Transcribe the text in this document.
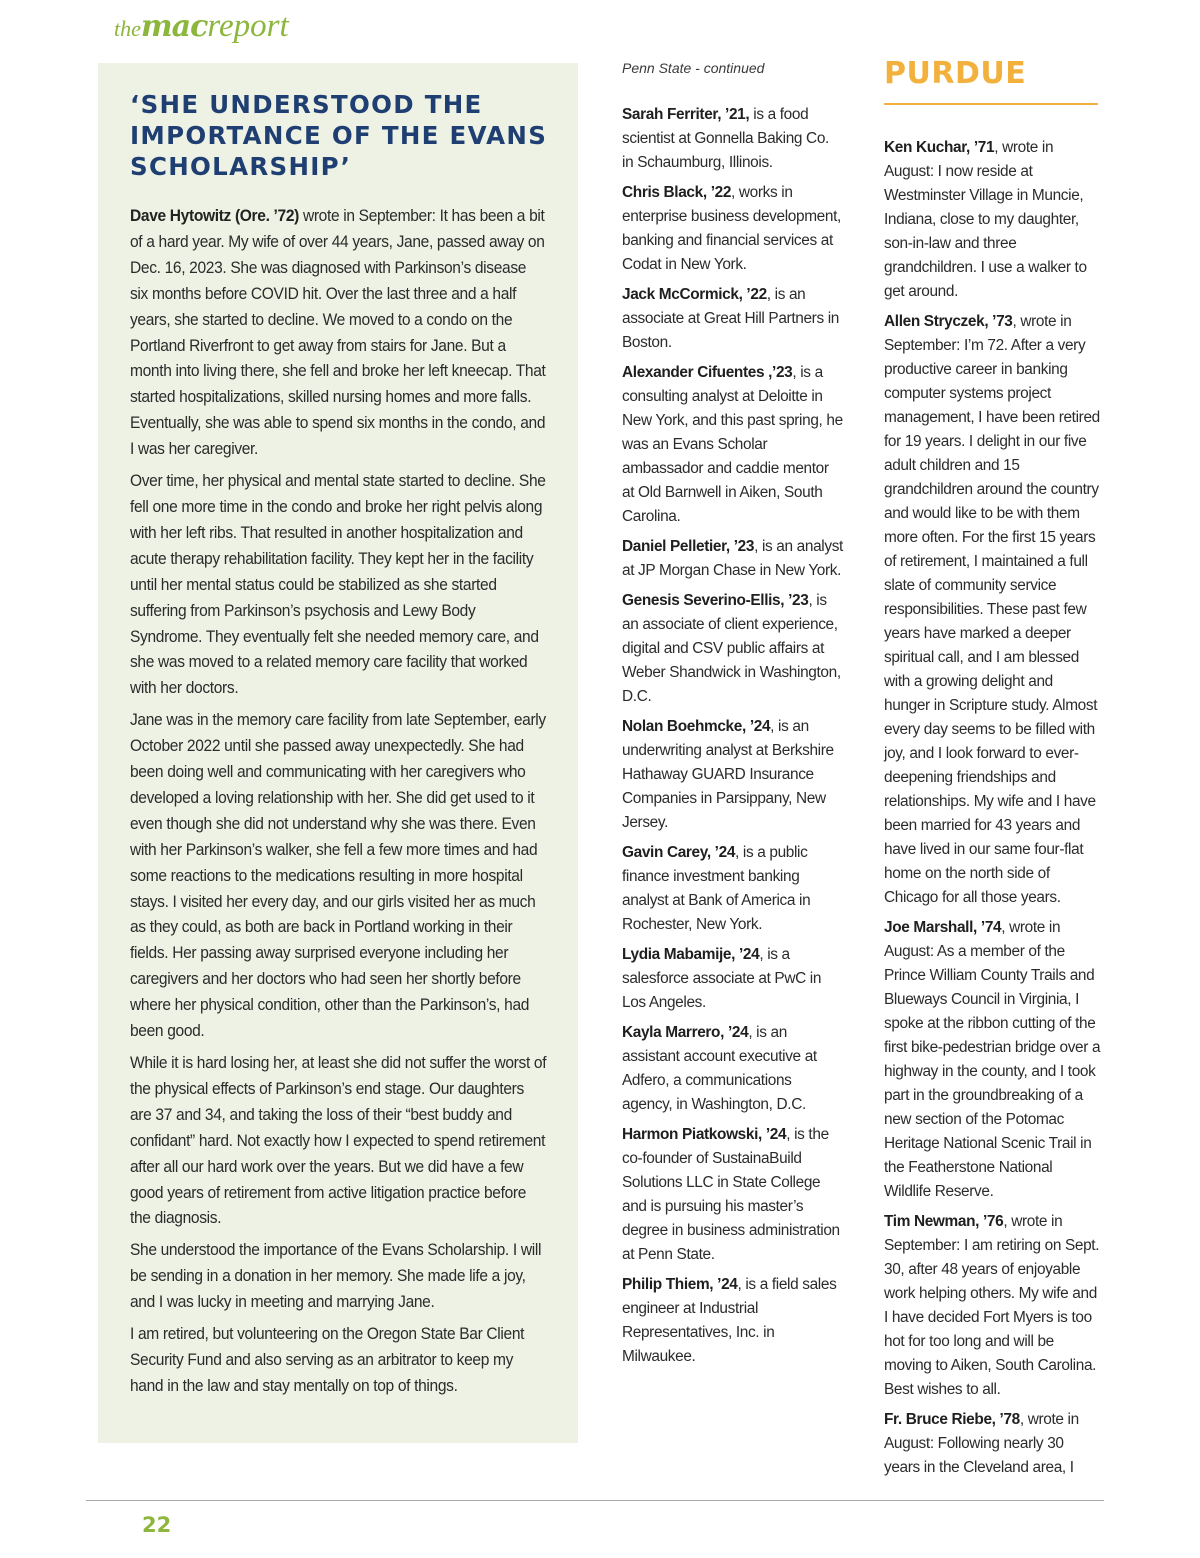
themacreport
‘SHE UNDERSTOOD THE IMPORTANCE OF THE EVANS SCHOLARSHIP’

Dave Hytowitz (Ore. ’72) wrote in September: It has been a bit of a hard year. My wife of over 44 years, Jane, passed away on Dec. 16, 2023. She was diagnosed with Parkinson’s disease six months before COVID hit. Over the last three and a half years, she started to decline. We moved to a condo on the Portland Riverfront to get away from stairs for Jane. But a month into living there, she fell and broke her left kneecap. That started hospitalizations, skilled nursing homes and more falls. Eventually, she was able to spend six months in the condo, and I was her caregiver.

Over time, her physical and mental state started to decline. She fell one more time in the condo and broke her right pelvis along with her left ribs. That resulted in another hospitalization and acute therapy rehabilitation facility. They kept her in the facility until her mental status could be stabilized as she started suffering from Parkinson’s psychosis and Lewy Body Syndrome. They eventually felt she needed memory care, and she was moved to a related memory care facility that worked with her doctors.

Jane was in the memory care facility from late September, early October 2022 until she passed away unexpectedly. She had been doing well and communicating with her caregivers who developed a loving relationship with her. She did get used to it even though she did not understand why she was there. Even with her Parkinson’s walker, she fell a few more times and had some reactions to the medications resulting in more hospital stays. I visited her every day, and our girls visited her as much as they could, as both are back in Portland working in their fields. Her passing away surprised everyone including her caregivers and her doctors who had seen her shortly before where her physical condition, other than the Parkinson’s, had been good.

While it is hard losing her, at least she did not suffer the worst of the physical effects of Parkinson’s end stage. Our daughters are 37 and 34, and taking the loss of their “best buddy and confidant” hard. Not exactly how I expected to spend retirement after all our hard work over the years. But we did have a few good years of retirement from active litigation practice before the diagnosis.

She understood the importance of the Evans Scholarship. I will be sending in a donation in her memory. She made life a joy, and I was lucky in meeting and marrying Jane.

I am retired, but volunteering on the Oregon State Bar Client Security Fund and also serving as an arbitrator to keep my hand in the law and stay mentally on top of things.

Penn State - continued

Sarah Ferriter, ’21, is a food scientist at Gonnella Baking Co. in Schaumburg, Illinois.

Chris Black, ’22, works in enterprise business development, banking and financial services at Codat in New York.

Jack McCormick, ’22, is an associate at Great Hill Partners in Boston.

Alexander Cifuentes ,’23, is a consulting analyst at Deloitte in New York, and this past spring, he was an Evans Scholar ambassador and caddie mentor at Old Barnwell in Aiken, South Carolina.

Daniel Pelletier, ’23, is an analyst at JP Morgan Chase in New York.

Genesis Severino-Ellis, ’23, is an associate of client experience, digital and CSV public affairs at Weber Shandwick in Washington, D.C.

Nolan Boehmcke, ’24, is an underwriting analyst at Berkshire Hathaway GUARD Insurance Companies in Parsippany, New Jersey.

Gavin Carey, ’24, is a public finance investment banking analyst at Bank of America in Rochester, New York.

Lydia Mabamije, ’24, is a salesforce associate at PwC in Los Angeles.

Kayla Marrero, ’24, is an assistant account executive at Adfero, a communications agency, in Washington, D.C.

Harmon Piatkowski, ’24, is the co-founder of SustainaBuild Solutions LLC in State College and is pursuing his master’s degree in business administration at Penn State.

Philip Thiem, ’24, is a field sales engineer at Industrial Representatives, Inc. in Milwaukee.

PURDUE

Ken Kuchar, ’71, wrote in August: I now reside at Westminster Village in Muncie, Indiana, close to my daughter, son-in-law and three grandchildren. I use a walker to get around.

Allen Stryczek, ’73, wrote in September: I’m 72. After a very productive career in banking computer systems project management, I have been retired for 19 years. I delight in our five adult children and 15 grandchildren around the country and would like to be with them more often. For the first 15 years of retirement, I maintained a full slate of community service responsibilities. These past few years have marked a deeper spiritual call, and I am blessed with a growing delight and hunger in Scripture study. Almost every day seems to be filled with joy, and I look forward to ever-deepening friendships and relationships. My wife and I have been married for 43 years and have lived in our same four-flat home on the north side of Chicago for all those years.

Joe Marshall, ’74, wrote in August: As a member of the Prince William County Trails and Blueways Council in Virginia, I spoke at the ribbon cutting of the first bike-pedestrian bridge over a highway in the county, and I took part in the groundbreaking of a new section of the Potomac Heritage National Scenic Trail in the Featherstone National Wildlife Reserve.

Tim Newman, ’76, wrote in September: I am retiring on Sept. 30, after 48 years of enjoyable work helping others. My wife and I have decided Fort Myers is too hot for too long and will be moving to Aiken, South Carolina. Best wishes to all.

Fr. Bruce Riebe, ’78, wrote in August: Following nearly 30 years in the Cleveland area, I

22
